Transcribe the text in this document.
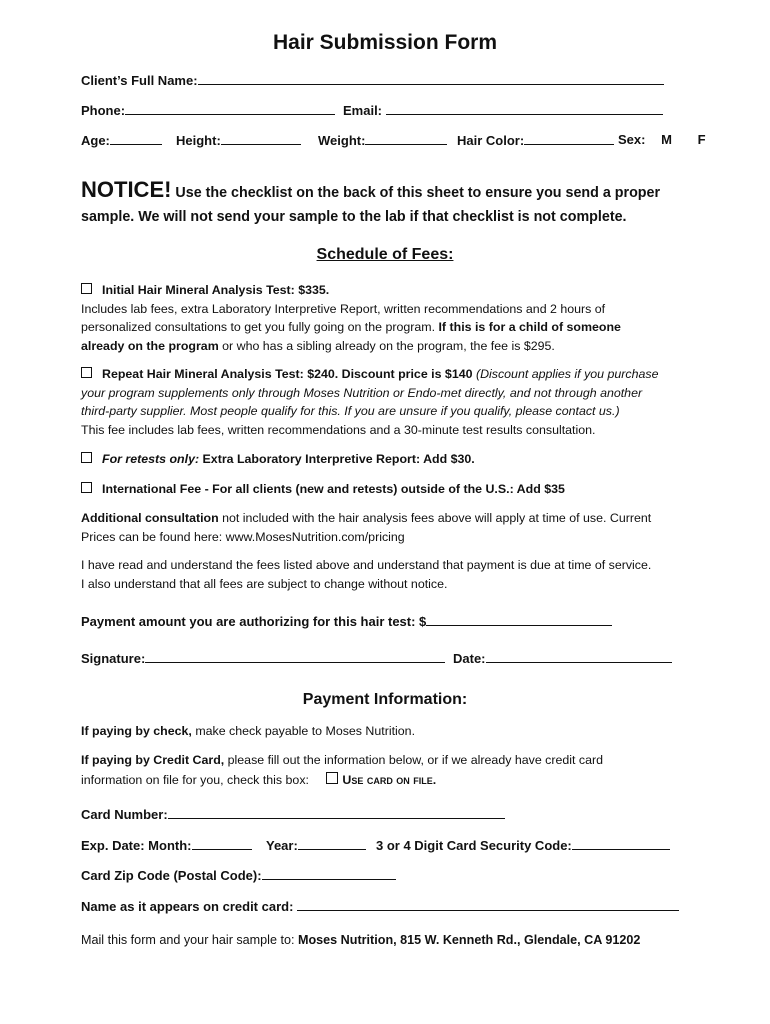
Hair Submission Form
Client’s Full Name:
Phone:	Email:
Age:	Height:	Weight:	Hair Color:	Sex: M F
NOTICE! Use the checklist on the back of this sheet to ensure you send a proper
sample. We will not send your sample to the lab if that checklist is not complete.
Schedule of Fees:
Initial Hair Mineral Analysis Test: $335.
Includes lab fees, extra Laboratory Interpretive Report, written recommendations and 2 hours of
personalized consultations to get you fully going on the program. If this is for a child of someone
already on the program or who has a sibling already on the program, the fee is $295.
Repeat Hair Mineral Analysis Test: $240. Discount price is $140 (Discount applies if you purchase
your program supplements only through Moses Nutrition or Endo-met directly, and not through another
third-party supplier. Most people qualify for this. If you are unsure if you qualify, please contact us.)
This fee includes lab fees, written recommendations and a 30-minute test results consultation.
For retests only: Extra Laboratory Interpretive Report: Add $30.
International Fee - For all clients (new and retests) outside of the U.S.: Add $35
Additional consultation not included with the hair analysis fees above will apply at time of use. Current
Prices can be found here: www.MosesNutrition.com/pricing
I have read and understand the fees listed above and understand that payment is due at time of service.
I also understand that all fees are subject to change without notice.
Payment amount you are authorizing for this hair test: $
Signature:	Date:
Payment Information:
If paying by check, make check payable to Moses Nutrition.
If paying by Credit Card, please fill out the information below, or if we already have credit card
information on file for you, check this box:	Use card on file.
Card Number:
Exp. Date: Month:	Year:	3 or 4 Digit Card Security Code:
Card Zip Code (Postal Code):
Name as it appears on credit card:
Mail this form and your hair sample to: Moses Nutrition, 815 W. Kenneth Rd., Glendale, CA 91202
